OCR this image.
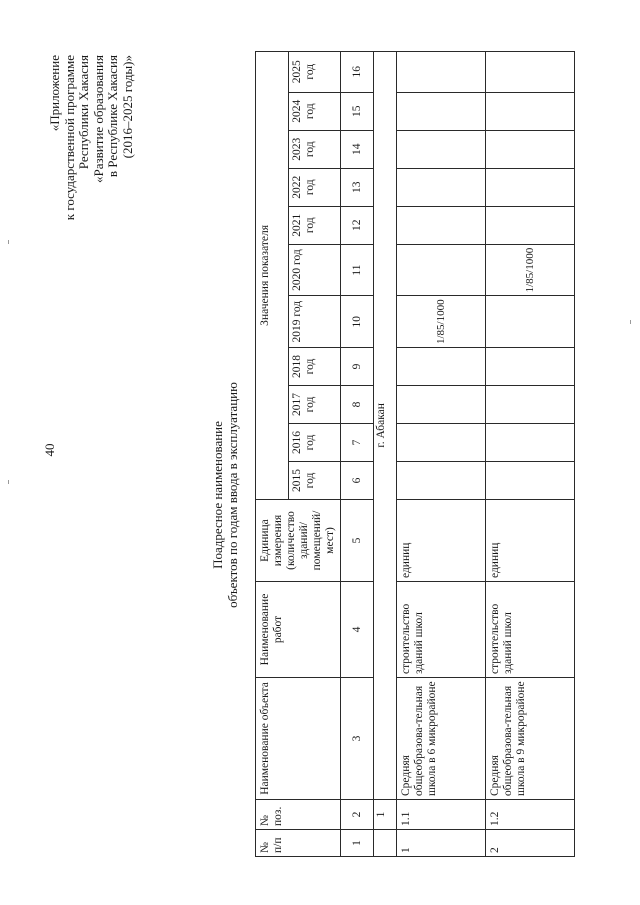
40
«Приложение к государственной программе Республики Хакасия «Развитие образования в Республике Хакасия (2016–2025 годы)»
Поадресное наименование объектов по годам ввода в эксплуатацию
№ п/п	№ поз.	Наименование объекта	Наименование работ	Единица измерения (количество зданий/ помещений/ мест)	Значения показателя										
					2015 год	2016 год	2017 год	2018 год	2019 год	2020 год	2021 год	2022 год	2023 год	2024 год	2025 год
1	2	3	4	5	6	7	8	9	10	11	12	13	14	15	16
	1	г. Абакан													
1	1.1	Средняя общеобразова-тельная школа в 6 микрорайоне	строительство зданий школ	единиц					1/85/1000						
2	1.2	Средняя общеобразова-тельная школа в 9 микрорайоне	строительство зданий школ	единиц						1/85/1000					
